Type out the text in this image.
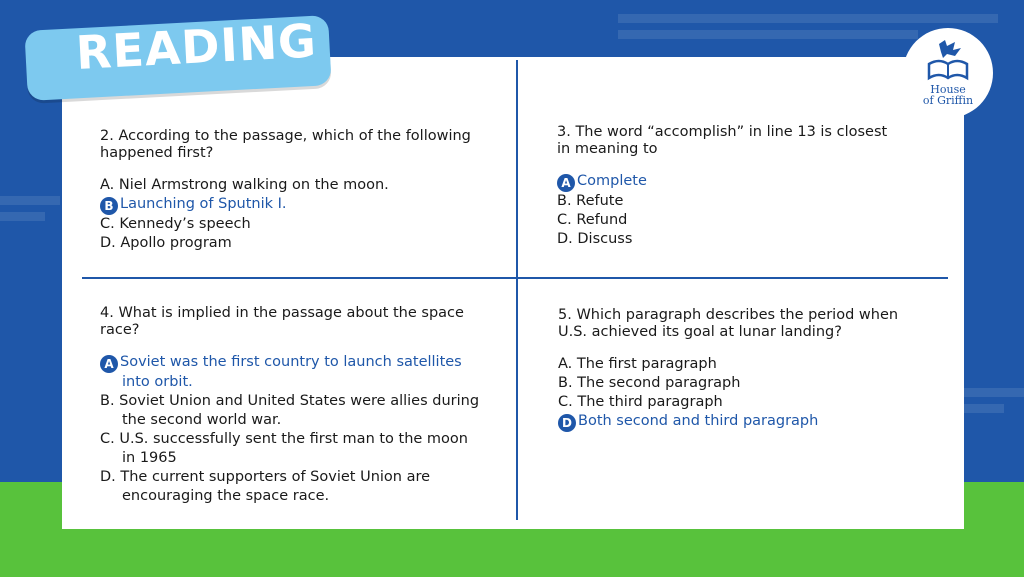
READING
House
of Griffin
2. According to the passage, which of the following
happened first?
A. Niel Armstrong walking on the moon.
B Launching of Sputnik I.
C. Kennedy’s speech
D. Apollo program
3. The word “accomplish” in line 13 is closest
in meaning to
A Complete
B. Refute
C. Refund
D. Discuss
4. What is implied in the passage about the space
race?
A Soviet was the first country to launch satellites
into orbit.
B. Soviet Union and United States were allies during
the second world war.
C. U.S. successfully sent the first man to the moon
in 1965
D. The current supporters of Soviet Union are
encouraging the space race.
5. Which paragraph describes the period when
U.S. achieved its goal at lunar landing?
A. The first paragraph
B. The second paragraph
C. The third paragraph
D Both second and third paragraph
